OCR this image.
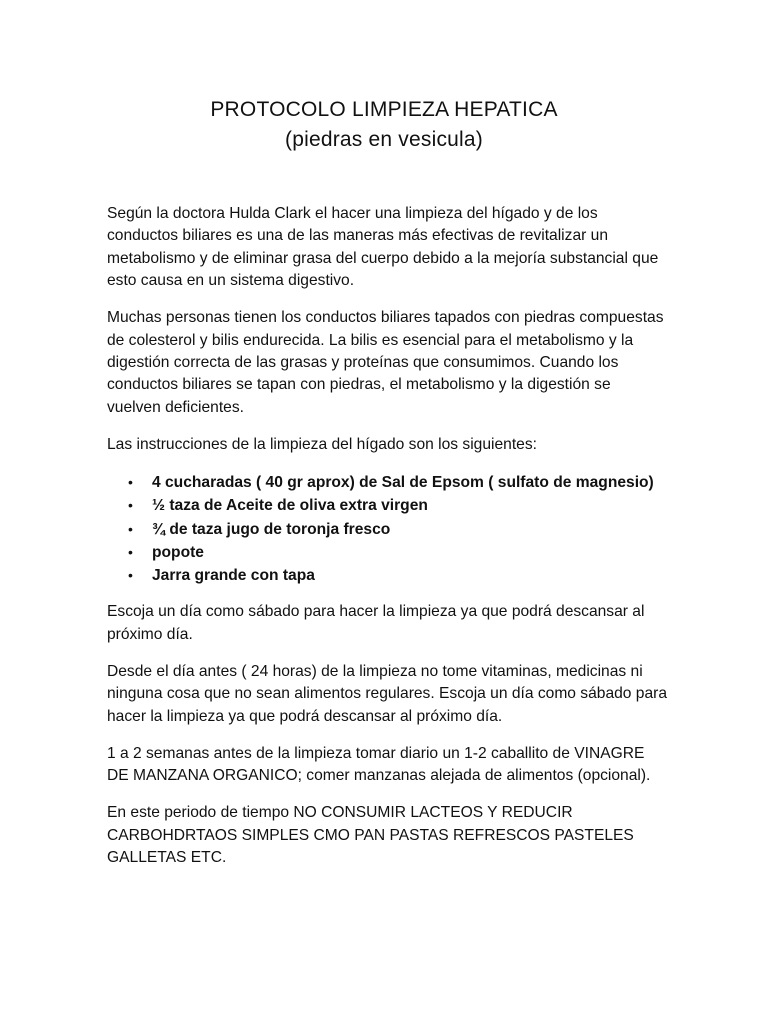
PROTOCOLO LIMPIEZA HEPATICA
(piedras en vesicula)

Según la doctora Hulda Clark el hacer una limpieza del hígado y de los conductos biliares es una de las maneras más efectivas de revitalizar un metabolismo y de eliminar grasa del cuerpo debido a la mejoría substancial que esto causa en un sistema digestivo.

Muchas personas tienen los conductos biliares tapados con piedras compuestas de colesterol y bilis endurecida. La bilis es esencial para el metabolismo y la digestión correcta de las grasas y proteínas que consumimos. Cuando los conductos biliares se tapan con piedras, el metabolismo y la digestión se vuelven deficientes.

Las instrucciones de la limpieza del hígado son los siguientes:

• 4 cucharadas ( 40 gr aprox) de Sal de Epsom ( sulfato de magnesio)
• ½ taza de Aceite de oliva extra virgen
• ¾ de taza jugo de toronja fresco
• popote
• Jarra grande con tapa

Escoja un día como sábado para hacer la limpieza ya que podrá descansar al próximo día.

Desde el día antes ( 24 horas) de la limpieza no tome vitaminas, medicinas ni ninguna cosa que no sean alimentos regulares. Escoja un día como sábado para hacer la limpieza ya que podrá descansar al próximo día.

1 a 2 semanas antes de la limpieza tomar diario un 1-2 caballito de VINAGRE DE MANZANA ORGANICO; comer manzanas alejada de alimentos (opcional).

En este periodo de tiempo NO CONSUMIR LACTEOS Y REDUCIR CARBOHDRTAOS SIMPLES CMO PAN PASTAS REFRESCOS PASTELES GALLETAS ETC.
